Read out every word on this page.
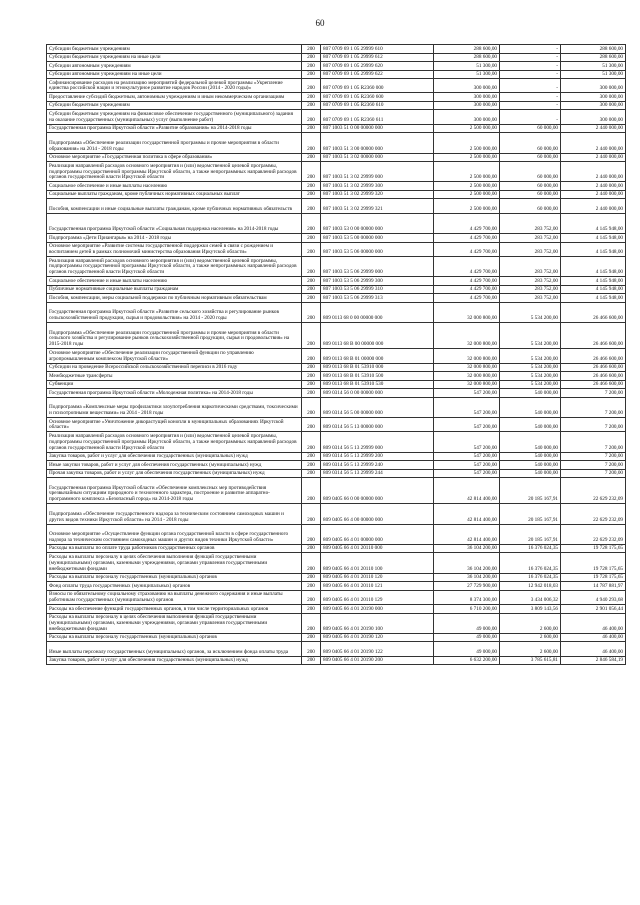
60
Субсидии бюджетным учреждениям	200	807 0709 69 1 05 29999 610	288 600,00	-	288 600,00
Субсидии бюджетным учреждениям на иные цели	200	807 0709 69 1 05 29999 612	288 600,00	-	288 600,00
Субсидии автономным учреждениям	200	807 0709 69 1 05 29999 620	51 300,00	-	51 300,00
Субсидии автономным учреждениям на иные цели	200	807 0709 69 1 05 29999 622	51 300,00	-	51 300,00
Софинансирование расходов на реализацию мероприятий федеральной целевой программы «Укрепление единства российской нации и этнокультурное развитие народов России (2014 - 2020 годы)»	200	807 0709 69 1 05 R2360 000	300 000,00	-	300 000,00
Предоставление субсидий бюджетным, автономным учреждениям и иным некоммерческим организациям	200	807 0709 69 1 05 R2360 600	300 000,00	-	300 000,00
Субсидии бюджетным учреждениям	200	807 0709 69 1 05 R2360 610	300 000,00	-	300 000,00
Субсидии бюджетным учреждениям на финансовое обеспечение государственного (муниципального) задания на оказание государственных (муниципальных) услуг (выполнение работ)	200	807 0709 69 1 05 R2360 611	300 000,00	-	300 000,00
Государственная программа Иркутской области «Развитие образования» на 2014-2018 годы	200	807 1003 51 0 00 00000 000	2 500 000,00	60 000,00	2 440 000,00
Подпрограмма «Обеспечение реализации государственной программы и прочие мероприятия в области образования» на 2014 - 2018 годы	200	807 1003 51 3 00 00000 000	2 500 000,00	60 000,00	2 440 000,00
Основное мероприятие «Государственная политика в сфере образования»	200	807 1003 51 3 02 00000 000	2 500 000,00	60 000,00	2 440 000,00
Реализация направлений расходов основного мероприятия и (или) ведомственной целевой программы, подпрограммы государственной программы Иркутской области, а также непрограммных направлений расходов органов государственной власти Иркутской области	200	807 1003 51 3 02 29999 000	2 500 000,00	60 000,00	2 440 000,00
Социальное обеспечение и иные выплаты населению	200	807 1003 51 3 02 29999 300	2 500 000,00	60 000,00	2 440 000,00
Социальные выплаты гражданам, кроме публичных нормативных социальных выплат	200	807 1003 51 3 02 29999 320	2 500 000,00	60 000,00	2 440 000,00
Пособия, компенсации и иные социальные выплаты гражданам, кроме публичных нормативных обязательств	200	807 1003 51 3 02 29999 321	2 500 000,00	60 000,00	2 440 000,00
Государственная программа Иркутской области «Социальная поддержка населения» на 2014-2018 годы	200	807 1003 53 0 00 00000 000	4 429 700,00	283 752,00	4 145 948,00
Подпрограмма «Дети Приангарья» на 2014 - 2018 годы	200	807 1003 53 5 00 00000 000	4 429 700,00	283 752,00	4 145 948,00
Основное мероприятие «Развитие системы государственной поддержки семей в связи с рождением и воспитанием детей в рамках полномочий министерства образования Иркутской области»	200	807 1003 53 5 06 00000 000	4 429 700,00	283 752,00	4 145 948,00
Реализация направлений расходов основного мероприятия и (или) ведомственной целевой программы, подпрограммы государственной программы Иркутской области, а также непрограммных направлений расходов органов государственной власти Иркутской области	200	807 1003 53 5 06 29999 000	4 429 700,00	283 752,00	4 145 948,00
Социальное обеспечение и иные выплаты населению	200	807 1003 53 5 06 29999 300	4 429 700,00	283 752,00	4 145 948,00
Публичные нормативные социальные выплаты гражданам	200	807 1003 53 5 06 29999 310	4 429 700,00	283 752,00	4 145 948,00
Пособия, компенсации, меры социальной поддержки по публичным нормативным обязательствам	200	807 1003 53 5 06 29999 313	4 429 700,00	283 752,00	4 145 948,00
Государственная программа Иркутской области «Развитие сельского хозяйства и регулирование рынков сельскохозяйственной продукции, сырья и продовольствия» на 2014 - 2020 годы	200	809 0113 68 0 00 00000 000	32 000 800,00	5 534 200,00	26 466 600,00
Подпрограмма «Обеспечение реализации государственной программы и прочие мероприятия в области сельского хозяйства и регулирование рынков сельскохозяйственной продукции, сырья и продовольствия» на 2015-2018 годы	200	809 0113 68 В 00 00000 000	32 000 800,00	5 534 200,00	26 466 600,00
Основное мероприятие «Обеспечение реализации государственной функции по управлению агропромышленным комплексом Иркутской области»	200	809 0113 68 В 01 00000 000	32 000 800,00	5 534 200,00	26 466 600,00
Субсидии на проведение Всероссийской сельскохозяйственной переписи в 2016 году	200	809 0113 68 В 01 53910 000	32 000 800,00	5 534 200,00	26 466 600,00
Межбюджетные трансферты	200	809 0113 68 В 01 53910 500	32 000 800,00	5 534 200,00	26 466 600,00
Субвенции	200	809 0113 68 В 01 53910 530	32 000 800,00	5 534 200,00	26 466 600,00
Государственная программа Иркутской области «Молодежная политика» на 2014-2018 годы	200	809 0314 56 0 00 00000 000	547 200,00	540 000,00	7 200,00
Подпрограмма «Комплексные меры профилактики злоупотребления наркотическими средствами, токсическими и психотропными веществами» на 2014 - 2018 годы	200	809 0314 56 5 00 00000 000	547 200,00	540 000,00	7 200,00
Основное мероприятие «Уничтожение дикорастущей конопли в муниципальных образованиях Иркутской области»	200	809 0314 56 5 13 00000 000	547 200,00	540 000,00	7 200,00
Реализация направлений расходов основного мероприятия и (или) ведомственной целевой программы, подпрограммы государственной программы Иркутской области, а также непрограммных направлений расходов органов государственной власти Иркутской области	200	809 0314 56 5 13 29999 000	547 200,00	540 000,00	7 200,00
Закупка товаров, работ и услуг для обеспечения государственных (муниципальных) нужд	200	809 0314 56 5 13 29999 200	547 200,00	540 000,00	7 200,00
Иные закупки товаров, работ и услуг для обеспечения государственных (муниципальных) нужд	200	809 0314 56 5 13 29999 240	547 200,00	540 000,00	7 200,00
Прочая закупка товаров, работ и услуг для обеспечения государственных (муниципальных) нужд	200	809 0314 56 5 13 29999 244	547 200,00	540 000,00	7 200,00
Государственная программа Иркутской области «Обеспечение комплексных мер противодействия чрезвычайным ситуациям природного и техногенного характера, построение и развитие аппаратно-программного комплекса «Безопасный город» на 2014-2018 годы	200	809 0405 66 0 00 00000 000	42 814 400,00	20 185 167,91	22 629 232,09
Подпрограмма «Обеспечение государственного надзора за техническим состоянием самоходных машин и других видов техники Иркутской области» на 2014 - 2018 годы	200	809 0405 66 4 00 00000 000	42 814 400,00	20 185 167,91	22 629 232,09
Основное мероприятие «Осуществление функции органа государственной власти в сфере государственного надзора за техническим состоянием самоходных машин и других видов техники Иркутской области»	200	809 0405 66 4 01 00000 000	42 814 400,00	20 185 167,91	22 629 232,09
Расходы на выплаты по оплате труда работников государственных органов	200	809 0405 66 4 01 20110 000	36 104 200,00	16 376 024,35	19 728 175,65
Расходы на выплаты персоналу в целях обеспечения выполнения функций государственными (муниципальными) органами, казенными учреждениями, органами управления государственными внебюджетными фондами	200	809 0405 66 4 01 20110 100	36 104 200,00	16 376 024,35	19 728 175,65
Расходы на выплаты персоналу государственных (муниципальных) органов	200	809 0405 66 4 01 20110 120	36 104 200,00	16 376 024,35	19 728 175,65
Фонд оплаты труда государственных (муниципальных) органов	200	809 0405 66 4 01 20110 121	27 729 900,00	12 942 018,03	14 787 881,97
Взносы по обязательному социальному страхованию на выплаты денежного содержания и иные выплаты работникам государственных (муниципальных) органов	200	809 0405 66 4 01 20110 129	8 374 300,00	3 434 006,32	4 940 293,68
Расходы на обеспечение функций государственных органов, в том числе территориальных органов	200	809 0405 66 4 01 20190 000	6 710 200,00	3 809 143,56	2 901 056,44
Расходы на выплаты персоналу в целях обеспечения выполнения функций государственными (муниципальными) органами, казенными учреждениями, органами управления государственными внебюджетными фондами	200	809 0405 66 4 01 20190 100	49 000,00	2 600,00	46 400,00
Расходы на выплаты персоналу государственных (муниципальных) органов	200	809 0405 66 4 01 20190 120	49 000,00	2 600,00	46 400,00
Иные выплаты персоналу государственных (муниципальных) органов, за исключением фонда оплаты труда	200	809 0405 66 4 01 20190 122	49 000,00	2 600,00	46 400,00
Закупка товаров, работ и услуг для обеспечения государственных (муниципальных) нужд	200	809 0405 66 4 01 20190 200	6 632 200,00	3 785 615,81	2 846 584,19
